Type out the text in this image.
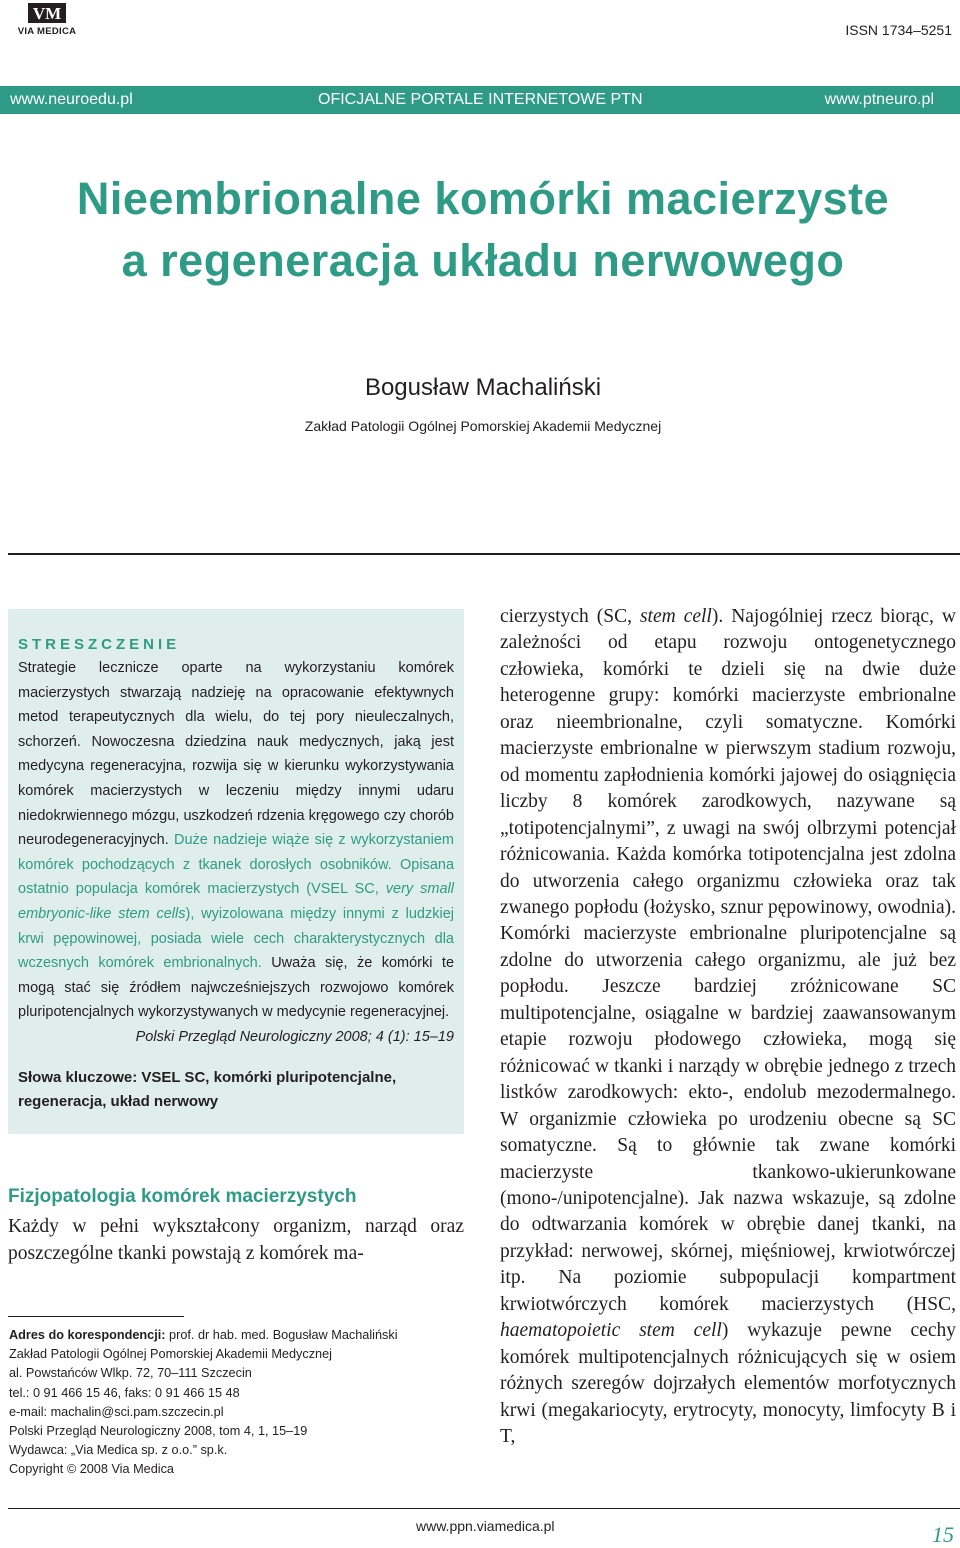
VM
VIA MEDICA	ISSN 1734–5251
www.neuroedu.pl	OFICJALNE PORTALE INTERNETOWE PTN	www.ptneuro.pl
Nieembrionalne komórki macierzyste
a regeneracja układu nerwowego
Bogusław Machaliński
Zakład Patologii Ogólnej Pomorskiej Akademii Medycznej
STRESZCZENIE
Strategie lecznicze oparte na wykorzystaniu komórek macierzystych stwarzają nadzieję na opracowanie efektywnych metod terapeutycznych dla wielu, do tej pory nieuleczalnych, schorzeń. Nowoczesna dziedzina nauk medycznych, jaką jest medycyna regeneracyjna, rozwija się w kierunku wykorzystywania komórek macierzystych w leczeniu między innymi udaru niedokrwiennego mózgu, uszkodzeń rdzenia kręgowego czy chorób neurodegeneracyjnych. Duże nadzieje wiąże się z wykorzystaniem komórek pochodzących z tkanek dorosłych osobników. Opisana ostatnio populacja komórek macierzystych (VSEL SC, very small embryonic-like stem cells), wyizolowana między innymi z ludzkiej krwi pępowinowej, posiada wiele cech charakterystycznych dla wczesnych komórek embrionalnych. Uważa się, że komórki te mogą stać się źródłem najwcześniejszych rozwojowo komórek pluripotencjalnych wykorzystywanych w medycynie regeneracyjnej.
Polski Przegląd Neurologiczny 2008; 4 (1): 15–19
Słowa kluczowe: VSEL SC, komórki pluripotencjalne, regeneracja, układ nerwowy
Fizjopatologia komórek macierzystych
Każdy w pełni wykształcony organizm, narząd oraz poszczególne tkanki powstają z komórek ma-
Adres do korespondencji: prof. dr hab. med. Bogusław Machaliński
Zakład Patologii Ogólnej Pomorskiej Akademii Medycznej
al. Powstańców Wlkp. 72, 70–111 Szczecin
tel.: 0 91 466 15 46, faks: 0 91 466 15 48
e-mail: machalin@sci.pam.szczecin.pl
Polski Przegląd Neurologiczny 2008, tom 4, 1, 15–19
Wydawca: „Via Medica sp. z o.o.” sp.k.
Copyright © 2008 Via Medica

cierzystych (SC, stem cell). Najogólniej rzecz biorąc, w zależności od etapu rozwoju ontogenetycznego człowieka, komórki te dzieli się na dwie duże heterogenne grupy: komórki macierzyste embrionalne oraz nieembrionalne, czyli somatyczne. Komórki macierzyste embrionalne w pierwszym stadium rozwoju, od momentu zapłodnienia komórki jajowej do osiągnięcia liczby 8 komórek zarodkowych, nazywane są „totipotencjalnymi”, z uwagi na swój olbrzymi potencjał różnicowania. Każda komórka totipotencjalna jest zdolna do utworzenia całego organizmu człowieka oraz tak zwanego popłodu (łożysko, sznur pępowinowy, owodnia). Komórki macierzyste embrionalne pluripotencjalne są zdolne do utworzenia całego organizmu, ale już bez popłodu. Jeszcze bardziej zróżnicowane SC multipotencjalne, osiągalne w bardziej zaawansowanym etapie rozwoju płodowego człowieka, mogą się różnicować w tkanki i narządy w obrębie jednego z trzech listków zarodkowych: ekto-, endolub mezodermalnego. W organizmie człowieka po urodzeniu obecne są SC somatyczne. Są to głównie tak zwane komórki macierzyste tkankowo-ukierunkowane (mono-/unipotencjalne). Jak nazwa wskazuje, są zdolne do odtwarzania komórek w obrębie danej tkanki, na przykład: nerwowej, skórnej, mięśniowej, krwiotwórczej itp. Na poziomie subpopulacji kompartment krwiotwórczych komórek macierzystych (HSC, haematopoietic stem cell) wykazuje pewne cechy komórek multipotencjalnych różnicujących się w osiem różnych szeregów dojrzałych elementów morfotycznych krwi (megakariocyty, erytrocyty, monocyty, limfocyty B i T,

www.ppn.viamedica.pl	15
